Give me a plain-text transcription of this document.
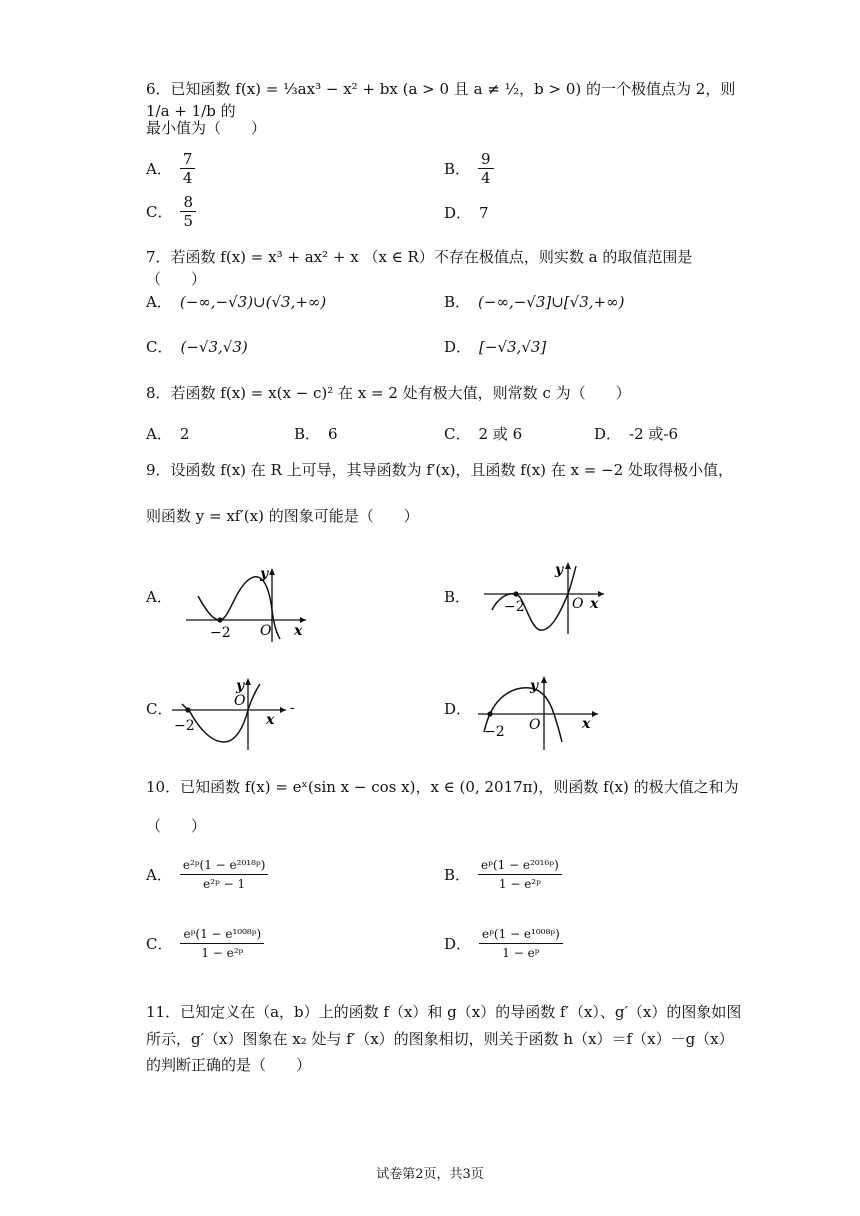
6．已知函数 f(x) = ⅓ax³ − x² + bx (a > 0 且 a ≠ ½，b > 0) 的一个极值点为 2，则 1/a + 1/b 的
最小值为（　　）
A． $\frac{7}{4}$	B． $\frac{9}{4}$
C． $\frac{8}{5}$	D． 7
7．若函数 f(x) = x³ + ax² + x （x ∈ R）不存在极值点，则实数 a 的取值范围是（　　）
A． (−∞,−√3)∪(√3,+∞)	B． (−∞,−√3]∪[√3,+∞)
C． (−√3,√3)	D． [−√3,√3]
8．若函数 f(x) = x(x − c)² 在 x = 2 处有极大值，则常数 c 为（　　）
A． 2	B． 6	C． 2 或 6	D． -2 或-6
9．设函数 f(x) 在 R 上可导，其导函数为 f′(x)，且函数 f(x) 在 x = −2 处取得极小值，
则函数 y = xf′(x) 的图象可能是（　　）
A．
−2 O x
y
B．
−2	O x
y
C．
−2
O
x
y
-	D．
−2 O	x
y
10．已知函数 f(x) = eˣ(sin x − cos x)，x ∈ (0, 2017π)，则函数 f(x) 的极大值之和为
（　　）
A． $\frac{\text{e²ᵖ(1 − e²⁰¹⁸ᵖ)}}{\text{e²ᵖ − 1}}$	B． $\frac{\text{eᵖ(1 − e²⁰¹⁶ᵖ)}}{\text{1 − e²ᵖ}}$
C． $\frac{\text{eᵖ(1 − e¹⁰⁰⁸ᵖ)}}{\text{1 − e²ᵖ}}$	D． $\frac{\text{eᵖ(1 − e¹⁰⁰⁸ᵖ)}}{\text{1 − eᵖ}}$
11．已知定义在（a，b）上的函数 f（x）和 g（x）的导函数 f′（x）、g′（x）的图象如图
所示，g′（x）图象在 x₂ 处与 f′（x）的图象相切，则关于函数 h（x）＝f（x）－g（x）
的判断正确的是（　　）
试卷第2页，共3页
